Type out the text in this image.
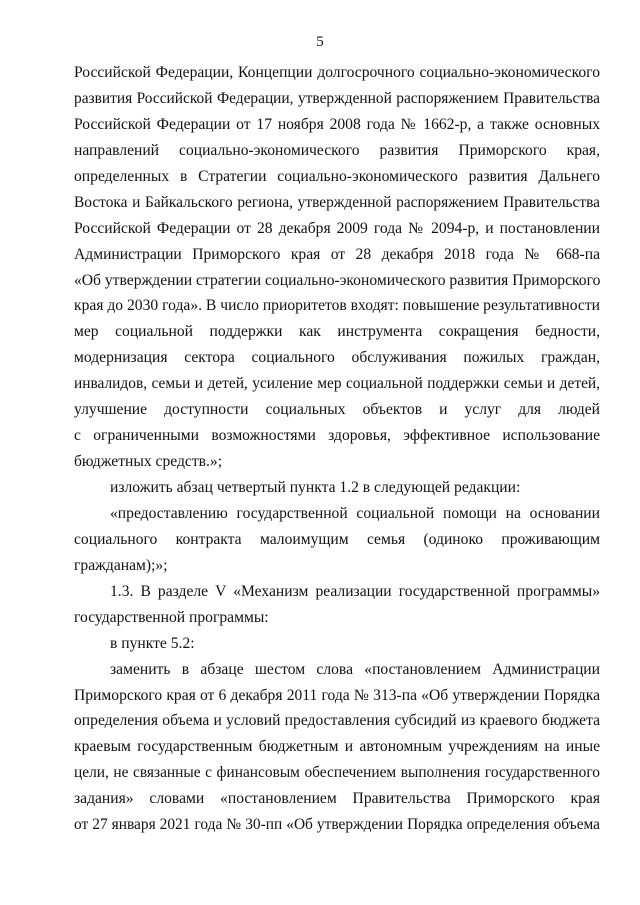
5
Российской Федерации, Концепции долгосрочного социально-экономического
развития Российской Федерации, утвержденной распоряжением Правительства
Российской Федерации от 17 ноября 2008 года № 1662-р, а также основных
направлений социально-экономического развития Приморского края,
определенных в Стратегии социально-экономического развития Дальнего
Востока и Байкальского региона, утвержденной распоряжением Правительства
Российской Федерации от 28 декабря 2009 года № 2094-р, и постановлении
Администрации Приморского края от 28 декабря 2018 года № 668-па
«Об утверждении стратегии социально-экономического развития Приморского
края до 2030 года». В число приоритетов входят: повышение результативности
мер социальной поддержки как инструмента сокращения бедности,
модернизация сектора социального обслуживания пожилых граждан,
инвалидов, семьи и детей, усиление мер социальной поддержки семьи и детей,
улучшение доступности социальных объектов и услуг для людей
с ограниченными возможностями здоровья, эффективное использование
бюджетных средств.»;
изложить абзац четвертый пункта 1.2 в следующей редакции:
«предоставлению государственной социальной помощи на основании
социального контракта малоимущим семья (одиноко проживающим
гражданам);»;
1.3. В разделе V «Механизм реализации государственной программы»
государственной программы:
в пункте 5.2:
заменить в абзаце шестом слова «постановлением Администрации
Приморского края от 6 декабря 2011 года № 313-па «Об утверждении Порядка
определения объема и условий предоставления субсидий из краевого бюджета
краевым государственным бюджетным и автономным учреждениям на иные
цели, не связанные с финансовым обеспечением выполнения государственного
задания» словами «постановлением Правительства Приморского края
от 27 января 2021 года № 30-пп «Об утверждении Порядка определения объема
